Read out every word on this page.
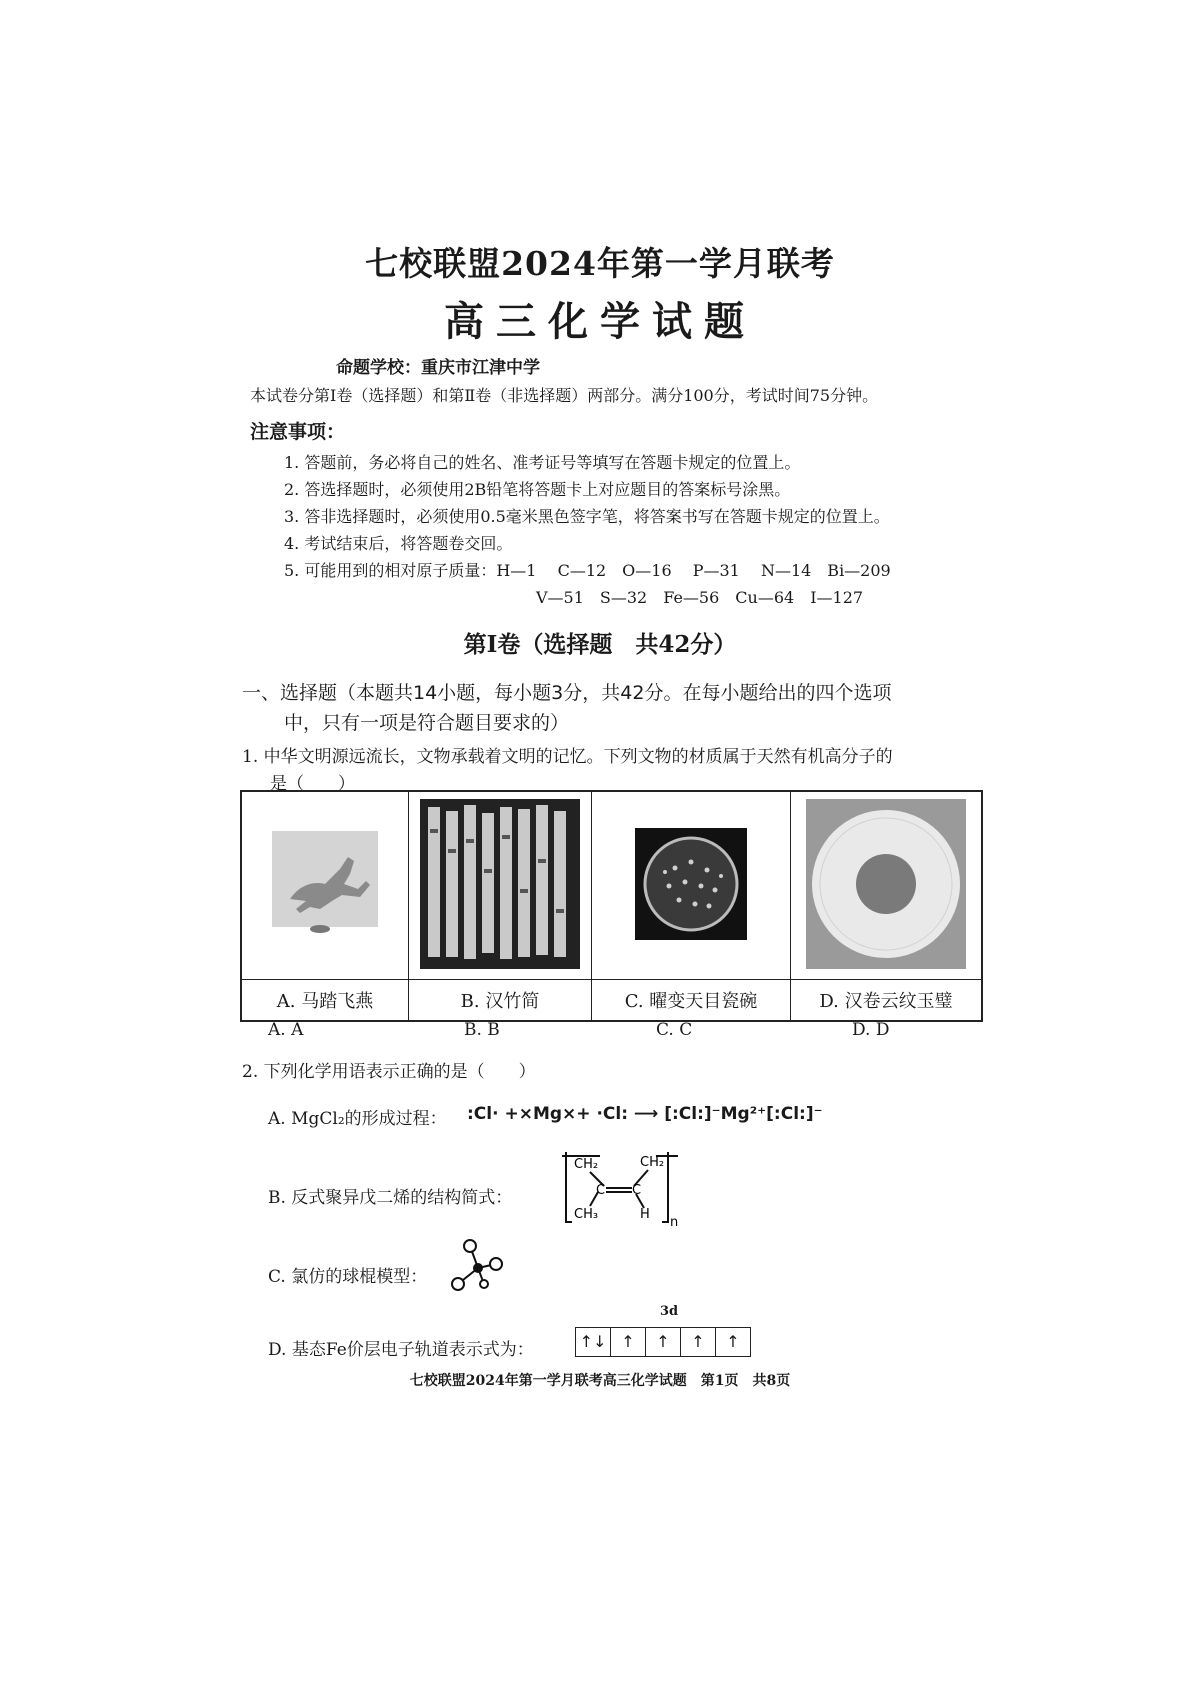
七校联盟2024年第一学月联考
高三化学试题
命题学校：重庆市江津中学
本试卷分第Ⅰ卷（选择题）和第Ⅱ卷（非选择题）两部分。满分100分，考试时间75分钟。
注意事项：
1. 答题前，务必将自己的姓名、准考证号等填写在答题卡规定的位置上。
2. 答选择题时，必须使用2B铅笔将答题卡上对应题目的答案标号涂黑。
3. 答非选择题时，必须使用0.5毫米黑色签字笔，将答案书写在答题卡规定的位置上。
4. 考试结束后，将答题卷交回。
5. 可能用到的相对原子质量：H—1　 C—12　O—16　 P—31　 N—14　Bi—209
V—51　S—32　Fe—56　Cu—64　I—127
第Ⅰ卷（选择题　共42分）
一、选择题（本题共14小题，每小题3分，共42分。在每小题给出的四个选项
中，只有一项是符合题目要求的）
1. 中华文明源远流长，文物承载着文明的记忆。下列文物的材质属于天然有机高分子的
是（　　）

A. 马踏飞燕	B. 汉竹简	C. 曜变天目瓷碗	D. 汉卷云纹玉璧
A. A	B. B	C. C	D. D
2. 下列化学用语表示正确的是（　　）
A. MgCl₂的形成过程： :Cl· +×Mg×+ ·Cl: ⟶ [:Cl:]⁻Mg²⁺[:Cl:]⁻
B. 反式聚异戊二烯的结构简式：
CH₂	CH₂
C C
CH₃	H
n
C. 氯仿的球棍模型：
D. 基态Fe价层电子轨道表示式为：
3d
↑↓ ↑	↑	↑	↑
七校联盟2024年第一学月联考高三化学试题　第1页　共8页
